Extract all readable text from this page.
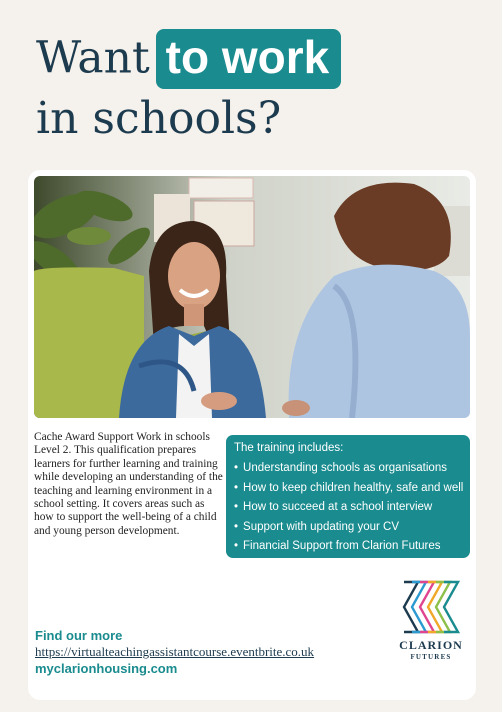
Want to work
in schools?
Cache Award Support Work in schools Level 2. This qualification prepares learners for further learning and training while developing an understanding of the teaching and learning environment in a school setting. It covers areas such as how to support the well-being of a child and young person development.
The training includes:
• Understanding schools as organisations
• How to keep children healthy, safe and well
• How to succeed at a school interview
• Support with updating your CV
• Financial Support from Clarion Futures
Find our more
https://virtualteachingassistantcourse.eventbrite.co.uk
myclarionhousing.com
CLARION
FUTURES
